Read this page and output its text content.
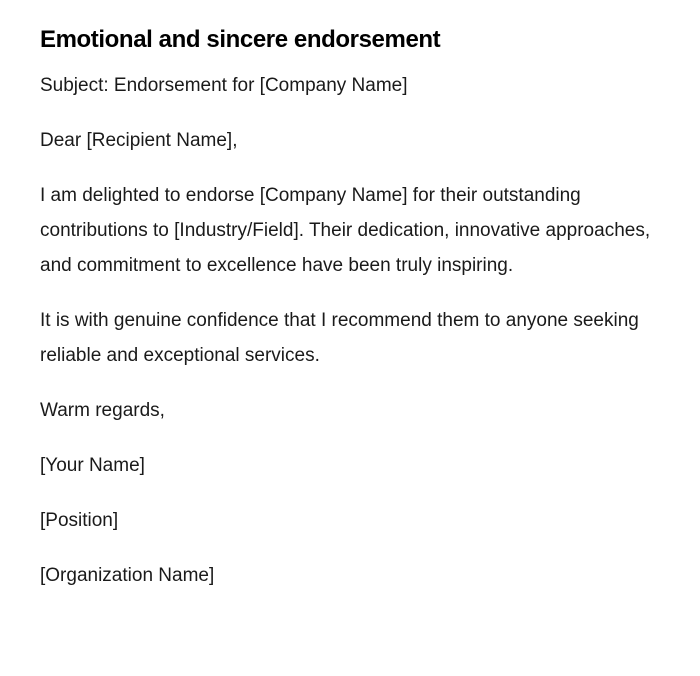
Emotional and sincere endorsement

Subject: Endorsement for [Company Name]

Dear [Recipient Name],

I am delighted to endorse [Company Name] for their outstanding contributions to [Industry/Field]. Their dedication, innovative approaches, and commitment to excellence have been truly inspiring.

It is with genuine confidence that I recommend them to anyone seeking reliable and exceptional services.

Warm regards,

[Your Name]

[Position]

[Organization Name]
